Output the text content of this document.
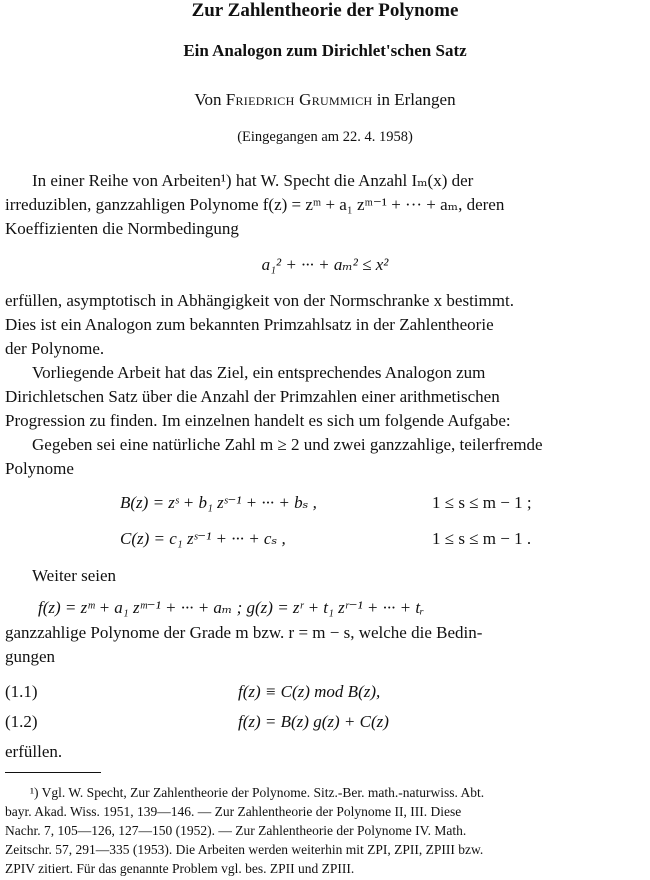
Zur Zahlentheorie der Polynome
Ein Analogon zum Dirichlet'schen Satz
Von Friedrich Grummich in Erlangen
(Eingegangen am 22. 4. 1958)
In einer Reihe von Arbeiten¹) hat W. Specht die Anzahl Iₘ(x) der
irreduziblen, ganzzahligen Polynome f(z) = zᵐ + a₁ zᵐ⁻¹ + ··· + aₘ, deren
Koeffizienten die Normbedingung
a₁² + ··· + aₘ² ≤ x²
erfüllen, asymptotisch in Abhängigkeit von der Normschranke x bestimmt.
Dies ist ein Analogon zum bekannten Primzahlsatz in der Zahlentheorie
der Polynome.
Vorliegende Arbeit hat das Ziel, ein entsprechendes Analogon zum
Dirichletschen Satz über die Anzahl der Primzahlen einer arithmetischen
Progression zu finden. Im einzelnen handelt es sich um folgende Aufgabe:
Gegeben sei eine natürliche Zahl m ≥ 2 und zwei ganzzahlige, teilerfremde
Polynome
B(z) = zˢ + b₁ zˢ⁻¹ + ··· + bₛ ,	1 ≤ s ≤ m − 1 ;
C(z) = c₁ zˢ⁻¹ + ··· + cₛ ,	1 ≤ s ≤ m − 1 .
Weiter seien
f(z) = zᵐ + a₁ zᵐ⁻¹ + ··· + aₘ ; g(z) = zʳ + t₁ zʳ⁻¹ + ··· + tᵣ
ganzzahlige Polynome der Grade m bzw. r = m − s, welche die Bedin-
gungen
(1.1)	f(z) ≡ C(z) mod B(z),
(1.2)	f(z) = B(z) g(z) + C(z)
erfüllen.
¹) Vgl. W. Specht, Zur Zahlentheorie der Polynome. Sitz.-Ber. math.-naturwiss. Abt.
bayr. Akad. Wiss. 1951, 139—146. — Zur Zahlentheorie der Polynome II, III. Diese
Nachr. 7, 105—126, 127—150 (1952). — Zur Zahlentheorie der Polynome IV. Math.
Zeitschr. 57, 291—335 (1953). Die Arbeiten werden weiterhin mit ZPI, ZPII, ZPIII bzw.
ZPIV zitiert. Für das genannte Problem vgl. bes. ZPII und ZPIII.
